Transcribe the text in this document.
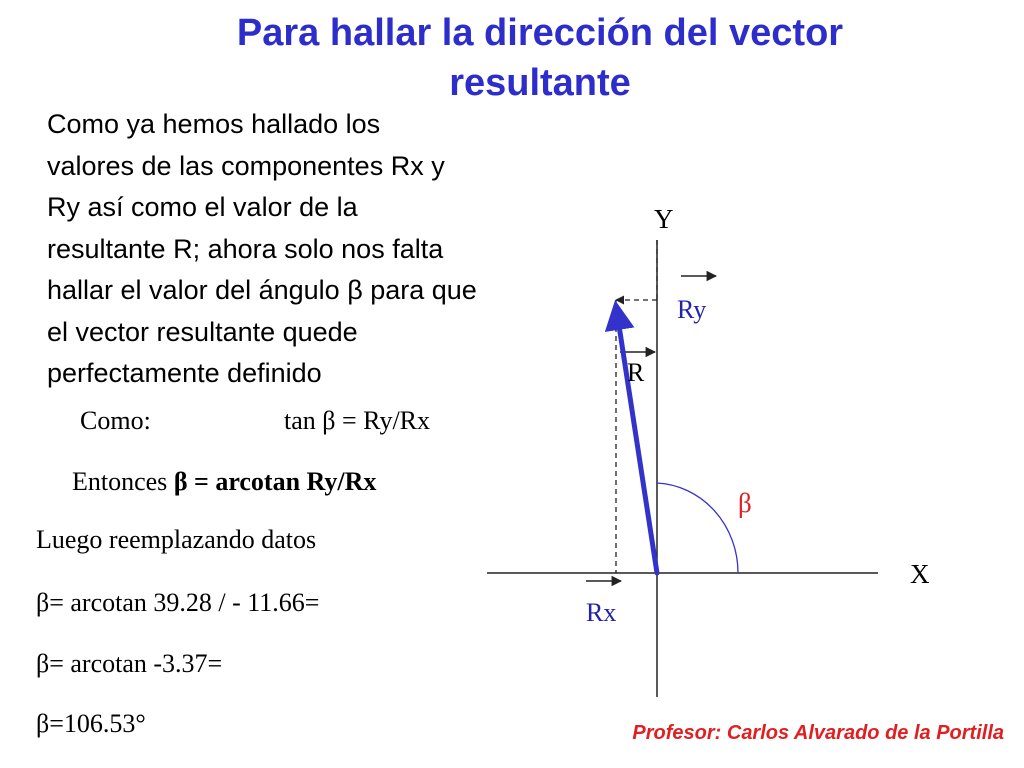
Para hallar la dirección del vector resultante
Como ya hemos hallado los
valores de las componentes Rx y
Ry así como el valor de la
resultante R; ahora solo nos falta
hallar el valor del ángulo β para que
el vector resultante quede
perfectamente definido
Como:	tan β = Ry/Rx
Entonces β = arcotan Ry/Rx
Luego reemplazando datos
β= arcotan 39.28 / - 11.66=
β= arcotan -3.37=
β=106.53°
Y
X
Ry
R
Rx
β
Profesor: Carlos Alvarado de la Portilla
